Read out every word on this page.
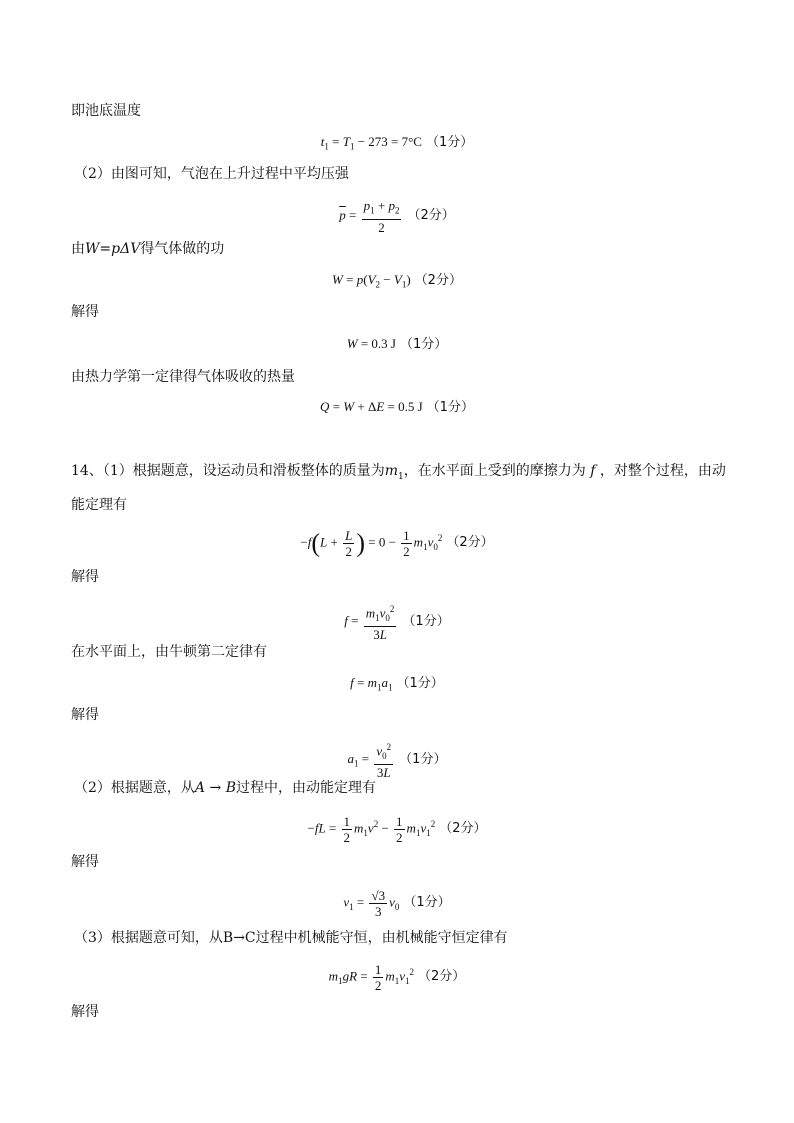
即池底温度
$t_1 = T_1 - 273 = 7^\circ C$ （1分）
（2）由图可知，气泡在上升过程中平均压强
$\overline{p} = \frac{p_1 + p_2}{2} (2$分）
由W=pΔV得气体做的功
$W = p(V_2 - V_1)$ （2分）
解得
W = 0.3 J （1分）
由热力学第一定律得气体吸收的热量
Q = W + ΔE = 0.5 J （1分）
14、（1）根据题意，设运动员和滑板整体的质量为$m_1$，在水平面上受到的摩擦力为 f ，对整个过程，由动
能定理有
$-f(L + \frac{L}{2}$ ) = $0 - \frac{1}{2} m_1v_0^2$ （2分）
解得
$f = \frac{m_1v_0^2}{3L} (1$分）
在水平面上，由牛顿第二定律有
$f = m_1a_1$ （1分）
解得
$a_1 = \frac{v_0^2}{3L} (1$分）
（2）根据题意，从A → B过程中，由动能定理有
$-fL = \frac{1}{2} m_1v^2 - \frac{1}{2} m_1v_1^2$ （2分）
解得
$v_1 = \frac{√3}{3} v_0$ （1分）
（3）根据题意可知，从B→C过程中机械能守恒，由机械能守恒定律有
$m_1gR = \frac{1}{2} m_1v_1^2$ （2分）
解得
